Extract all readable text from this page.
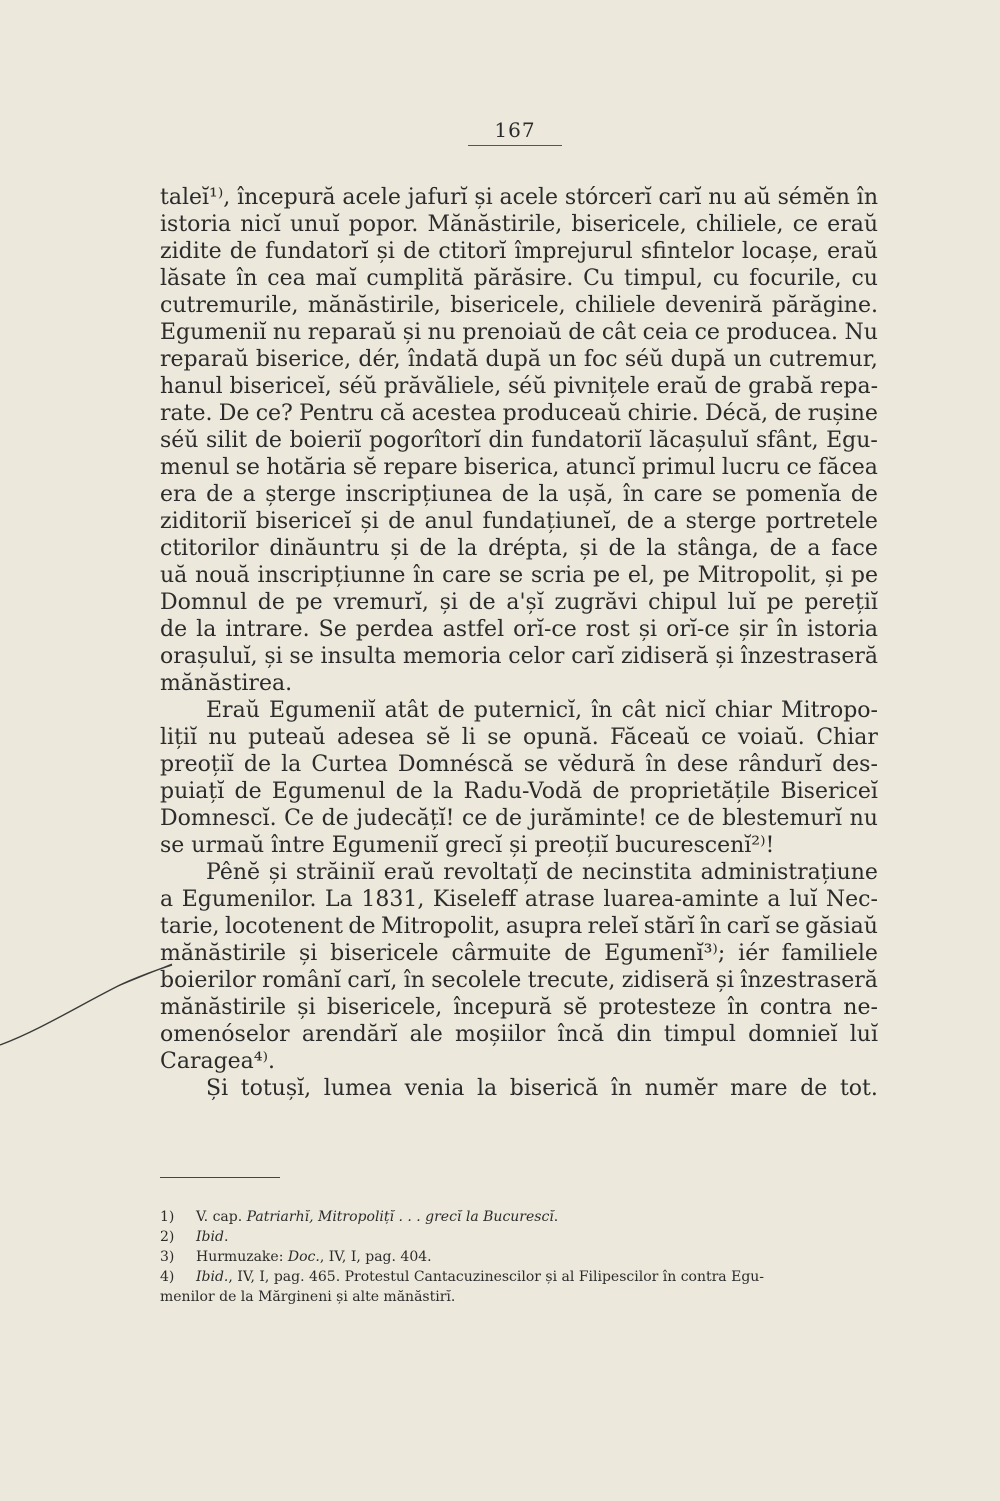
167
taleĭ¹⁾, începură acele jafurĭ și acele stórcerĭ carĭ nu aŭ sémĕn în
istoria nicĭ unuĭ popor. Mănăstirile, bisericele, chiliele, ce eraŭ
zidite de fundatorĭ și de ctitorĭ împrejurul sfintelor locașe, eraŭ
lăsate în cea maĭ cumplită părăsire. Cu timpul, cu focurile, cu
cutremurile, mănăstirile, bisericele, chiliele deveniră părăgine.
Egumeniĭ nu reparaŭ și nu prenoiaŭ de cât ceia ce producea. Nu
reparaŭ biserice, dér, îndată după un foc séŭ după un cutremur,
hanul bisericeĭ, séŭ prăvăliele, séŭ pivnițele eraŭ de grabă repa-
rate. De ce? Pentru că acestea produceaŭ chirie. Décă, de rușine
séŭ silit de boieriĭ pogorîtorĭ din fundatoriĭ lăcașuluĭ sfânt, Egu-
menul se hotăria sĕ repare biserica, atuncĭ primul lucru ce făcea
era de a șterge inscripțiunea de la ușă, în care se pomenĭa de
ziditoriĭ bisericeĭ și de anul fundațiuneĭ, de a sterge portretele
ctitorilor dinăuntru și de la drépta, și de la stânga, de a face
uă nouă inscripțiunne în care se scria pe el, pe Mitropolit, și pe
Domnul de pe vremurĭ, și de a'șĭ zugrăvi chipul luĭ pe perețiĭ
de la intrare. Se perdea astfel orĭ-ce rost și orĭ-ce șir în istoria
orașuluĭ, și se insulta memoria celor carĭ zidiseră și înzestraseră
mănăstirea.
Eraŭ Egumeniĭ atât de puternicĭ, în cât nicĭ chiar Mitropo-
lițiĭ nu puteaŭ adesea sĕ li se opună. Făceaŭ ce voiaŭ. Chiar
preoțiĭ de la Curtea Domnéscă se vĕdură în dese rândurĭ des-
puiațĭ de Egumenul de la Radu-Vodă de proprietățile Bisericeĭ
Domnescĭ. Ce de judecățĭ! ce de jurăminte! ce de blestemurĭ nu
se urmaŭ între Egumeniĭ grecĭ și preoțiĭ bucurescenĭ²⁾!
Pênĕ și străiniĭ eraŭ revoltațĭ de necinstita administrațiune
a Egumenilor. La 1831, Kiseleff atrase luarea-aminte a luĭ Nec-
tarie, locotenent de Mitropolit, asupra releĭ stărĭ în carĭ se găsiaŭ
mănăstirile și bisericele cârmuite de Egumenĭ³⁾; iér familiele
boierilor românĭ carĭ, în secolele trecute, zidiseră și înzestraseră
mănăstirile și bisericele, începură sĕ protesteze în contra ne-
omenóselor arendărĭ ale moșiilor încă din timpul domnieĭ luĭ
Caragea⁴⁾.
Și totușĭ, lumea venia la biserică în numĕr mare de tot.
1) V. cap. Patriarhĭ, Mitropolițĭ . . . grecĭ la Bucurescĭ.
2) Ibid.
3) Hurmuzake: Doc., IV, I, pag. 404.
4) Ibid., IV, I, pag. 465. Protestul Cantacuzinescilor și al Filipescilor în contra Egu-
menilor de la Mărgineni și alte mănăstirĭ.
